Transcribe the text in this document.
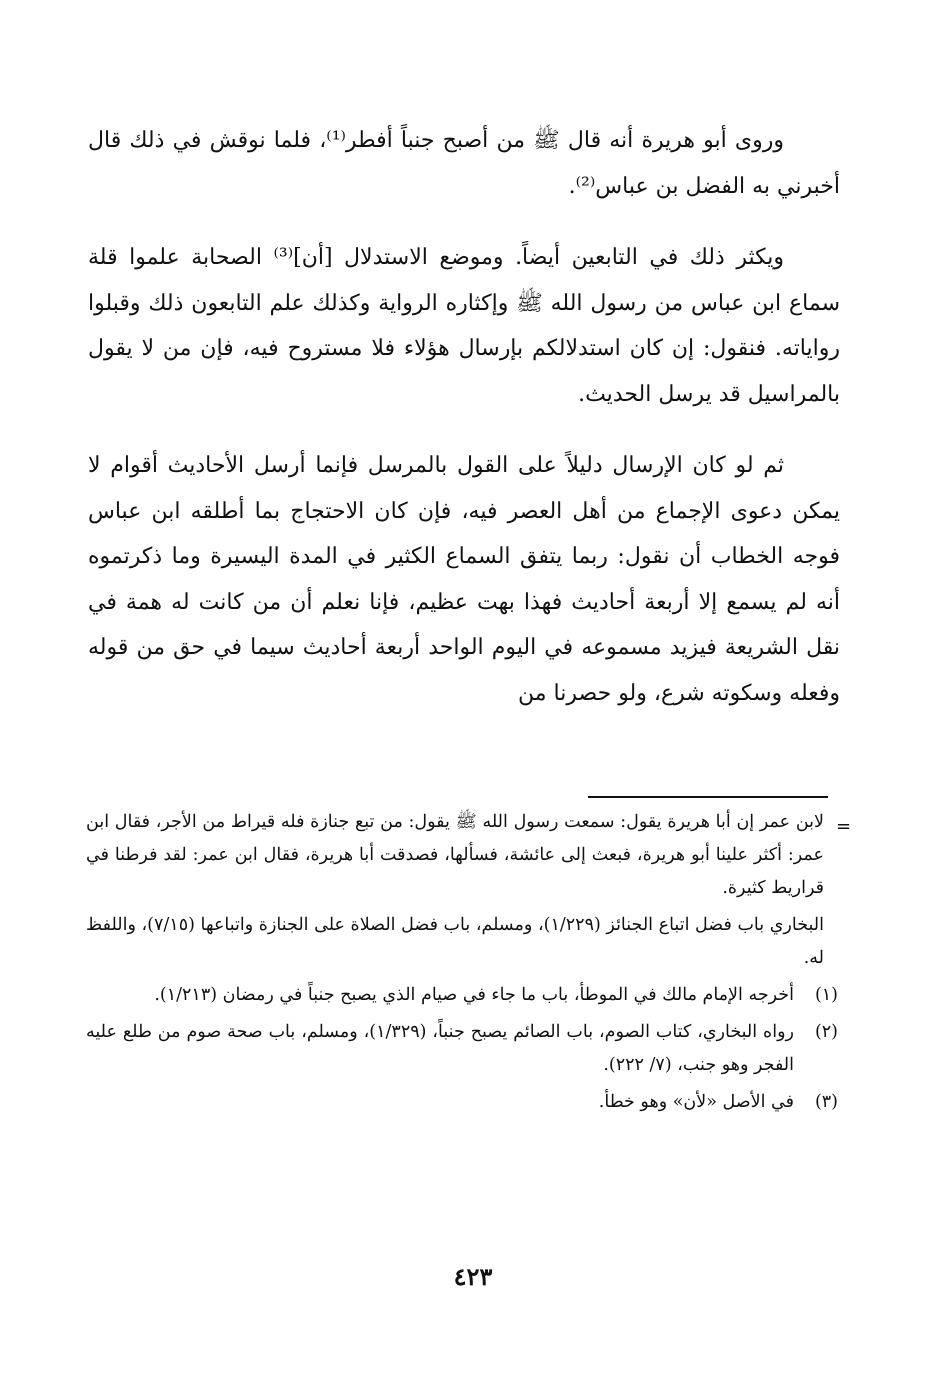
وروى أبو هريرة أنه قال ﷺ من أصبح جنباً أفطر⁽¹⁾، فلما نوقش في ذلك قال أخبرني به الفضل بن عباس⁽²⁾.

ويكثر ذلك في التابعين أيضاً. وموضع الاستدلال [أن]⁽³⁾ الصحابة علموا قلة سماع ابن عباس من رسول الله ﷺ وإكثاره الرواية وكذلك علم التابعون ذلك وقبلوا رواياته. فنقول: إن كان استدلالكم بإرسال هؤلاء فلا مستروح فيه، فإن من لا يقول بالمراسيل قد يرسل الحديث.

ثم لو كان الإرسال دليلاً على القول بالمرسل فإنما أرسل الأحاديث أقوام لا يمكن دعوى الإجماع من أهل العصر فيه، فإن كان الاحتجاج بما أطلقه ابن عباس فوجه الخطاب أن نقول: ربما يتفق السماع الكثير في المدة اليسيرة وما ذكرتموه أنه لم يسمع إلا أربعة أحاديث فهذا بهت عظيم، فإنا نعلم أن من كانت له همة في نقل الشريعة فيزيد مسموعه في اليوم الواحد أربعة أحاديث سيما في حق من قوله وفعله وسكوته شرع، ولو حصرنا من

=
لابن عمر إن أبا هريرة يقول: سمعت رسول الله ﷺ يقول: من تبع جنازة فله قيراط من الأجر، فقال ابن عمر: أكثر علينا أبو هريرة، فبعث إلى عائشة، فسألها، فصدقت أبا هريرة، فقال ابن عمر: لقد فرطنا في قراريط كثيرة.
البخاري باب فضل اتباع الجنائز (١/٢٢٩)، ومسلم، باب فضل الصلاة على الجنازة واتباعها (٧/١٥)، واللفظ له.
(١)
أخرجه الإمام مالك في الموطأ، باب ما جاء في صيام الذي يصبح جنباً في رمضان (١/٢١٣).
(٢)
رواه البخاري، كتاب الصوم، باب الصائم يصبح جنباً، (١/٣٢٩)، ومسلم، باب صحة صوم من طلع عليه الفجر وهو جنب، (٧/ ٢٢٢).
(٣)
في الأصل «لأن» وهو خطأ.
٤٢٣
